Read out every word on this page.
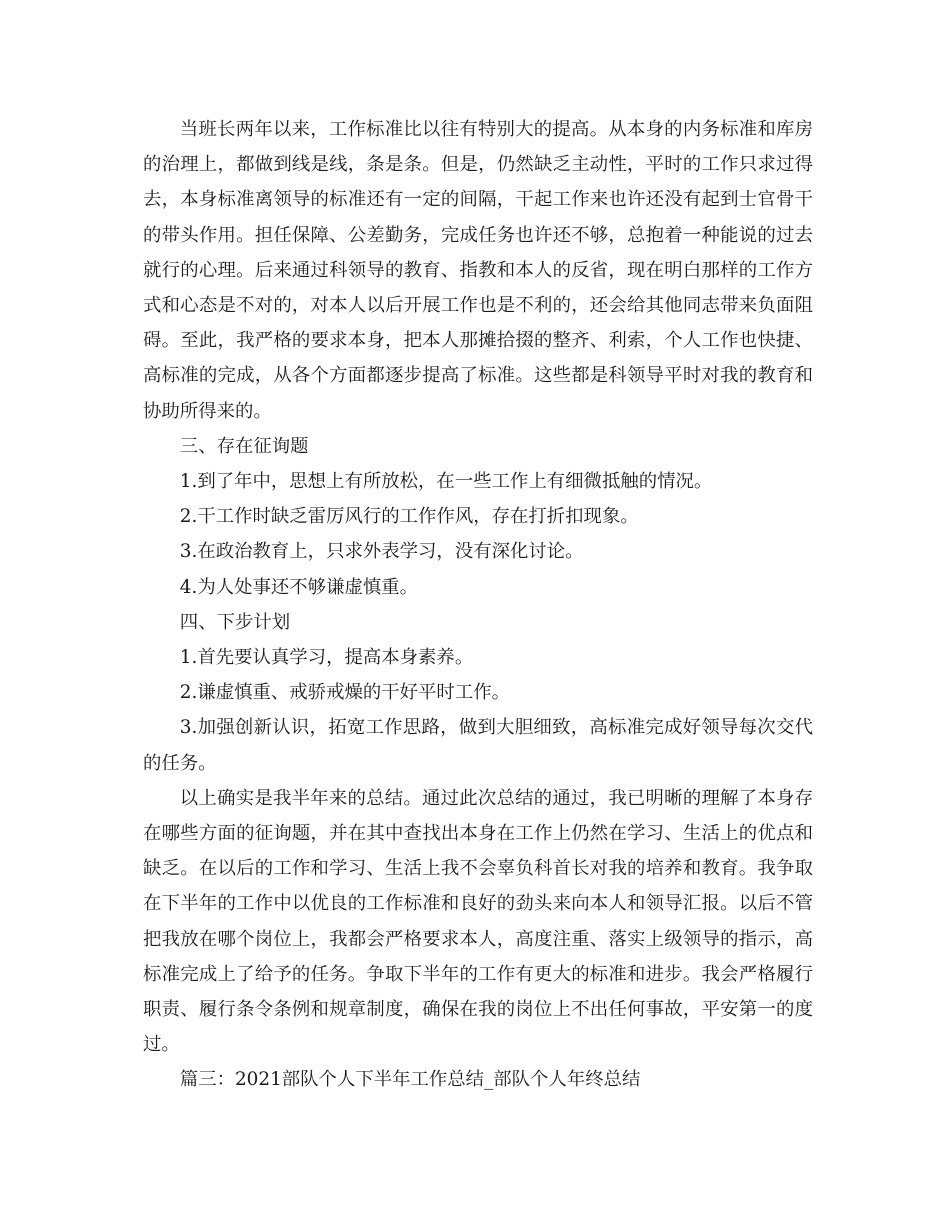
当班长两年以来，工作标准比以往有特别大的提高。从本身的内务标准和库房的治理上，都做到线是线，条是条。但是，仍然缺乏主动性，平时的工作只求过得去，本身标准离领导的标准还有一定的间隔，干起工作来也许还没有起到士官骨干的带头作用。担任保障、公差勤务，完成任务也许还不够，总抱着一种能说的过去就行的心理。后来通过科领导的教育、指教和本人的反省，现在明白那样的工作方式和心态是不对的，对本人以后开展工作也是不利的，还会给其他同志带来负面阻碍。至此，我严格的要求本身，把本人那摊拾掇的整齐、利索，个人工作也快捷、高标准的完成，从各个方面都逐步提高了标准。这些都是科领导平时对我的教育和协助所得来的。

三、存在征询题

1.到了年中，思想上有所放松，在一些工作上有细微抵触的情况。

2.干工作时缺乏雷厉风行的工作作风，存在打折扣现象。

3.在政治教育上，只求外表学习，没有深化讨论。

4.为人处事还不够谦虚慎重。

四、下步计划

1.首先要认真学习，提高本身素养。

2.谦虚慎重、戒骄戒燥的干好平时工作。

3.加强创新认识，拓宽工作思路，做到大胆细致，高标准完成好领导每次交代的任务。

以上确实是我半年来的总结。通过此次总结的通过，我已明晰的理解了本身存在哪些方面的征询题，并在其中查找出本身在工作上仍然在学习、生活上的优点和缺乏。在以后的工作和学习、生活上我不会辜负科首长对我的培养和教育。我争取在下半年的工作中以优良的工作标准和良好的劲头来向本人和领导汇报。以后不管把我放在哪个岗位上，我都会严格要求本人，高度注重、落实上级领导的指示，高标准完成上了给予的任务。争取下半年的工作有更大的标准和进步。我会严格履行职责、履行条令条例和规章制度，确保在我的岗位上不出任何事故，平安第一的度过。

篇三：2021部队个人下半年工作总结_部队个人年终总结
